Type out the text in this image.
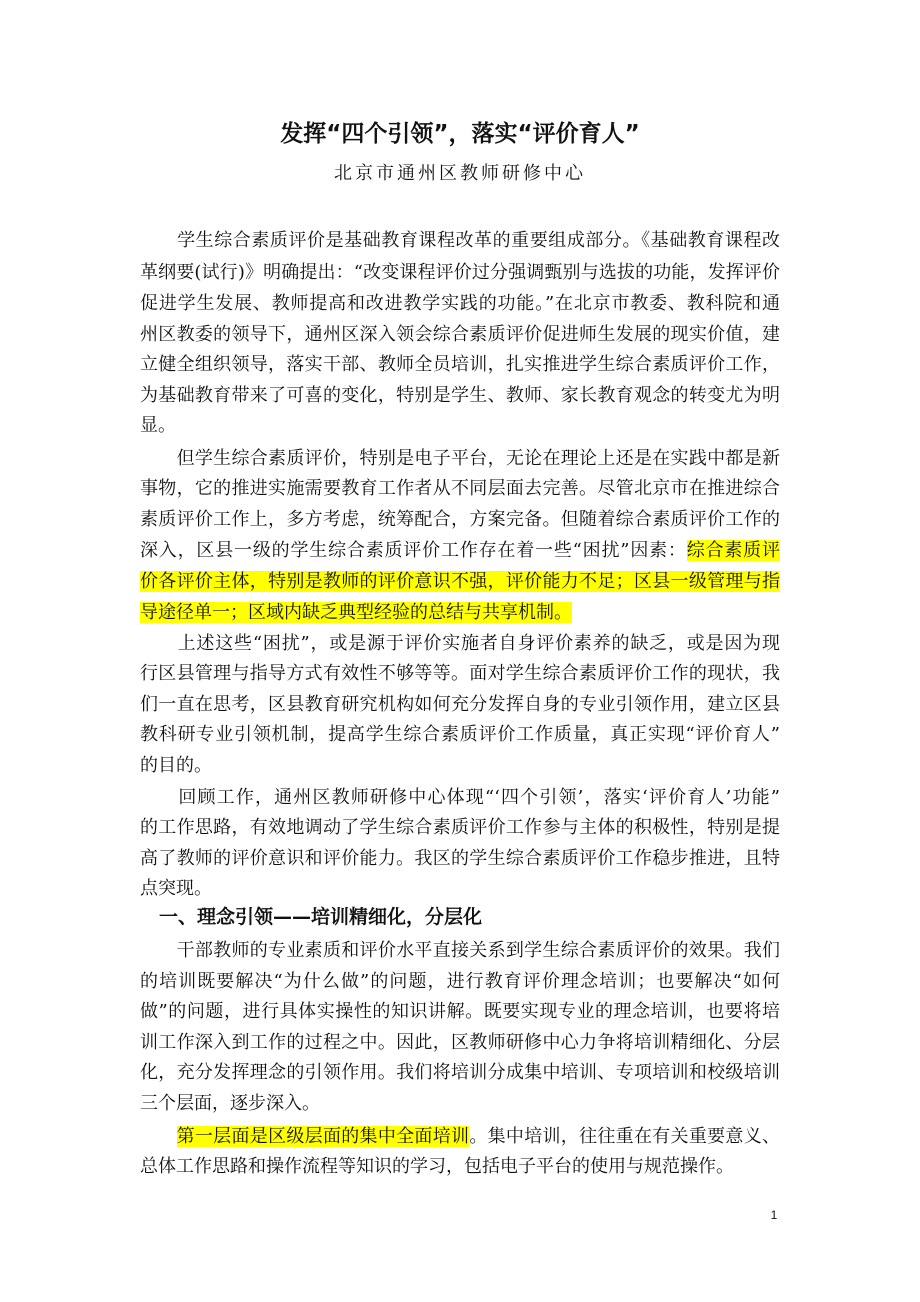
发挥“四个引领”，落实“评价育人”
北京市通州区教师研修中心
　　学生综合素质评价是基础教育课程改革的重要组成部分。《基础教育课程改
革纲要(试行)》明确提出：“改变课程评价过分强调甄别与选拔的功能，发挥评价
促进学生发展、教师提高和改进教学实践的功能。”在北京市教委、教科院和通
州区教委的领导下，通州区深入领会综合素质评价促进师生发展的现实价值，建
立健全组织领导，落实干部、教师全员培训，扎实推进学生综合素质评价工作，
为基础教育带来了可喜的变化，特别是学生、教师、家长教育观念的转变尤为明
显。
　　但学生综合素质评价，特别是电子平台，无论在理论上还是在实践中都是新
事物，它的推进实施需要教育工作者从不同层面去完善。尽管北京市在推进综合
素质评价工作上，多方考虑，统筹配合，方案完备。但随着综合素质评价工作的
深入，区县一级的学生综合素质评价工作存在着一些“困扰”因素：综合素质评
价各评价主体，特别是教师的评价意识不强，评价能力不足；区县一级管理与指
导途径单一；区域内缺乏典型经验的总结与共享机制。
　　上述这些“困扰”，或是源于评价实施者自身评价素养的缺乏，或是因为现
行区县管理与指导方式有效性不够等等。面对学生综合素质评价工作的现状，我
们一直在思考，区县教育研究机构如何充分发挥自身的专业引领作用，建立区县
教科研专业引领机制，提高学生综合素质评价工作质量，真正实现“评价育人”
的目的。
　　回顾工作，通州区教师研修中心体现“‘四个引领’，落实‘评价育人’功能”
的工作思路，有效地调动了学生综合素质评价工作参与主体的积极性，特别是提
高了教师的评价意识和评价能力。我区的学生综合素质评价工作稳步推进，且特
点突现。
　一、理念引领——培训精细化，分层化
　　干部教师的专业素质和评价水平直接关系到学生综合素质评价的效果。我们
的培训既要解决“为什么做”的问题，进行教育评价理念培训；也要解决“如何
做”的问题，进行具体实操性的知识讲解。既要实现专业的理念培训，也要将培
训工作深入到工作的过程之中。因此，区教师研修中心力争将培训精细化、分层
化，充分发挥理念的引领作用。我们将培训分成集中培训、专项培训和校级培训
三个层面，逐步深入。
　　第一层面是区级层面的集中全面培训。集中培训，往往重在有关重要意义、
总体工作思路和操作流程等知识的学习，包括电子平台的使用与规范操作。
1
